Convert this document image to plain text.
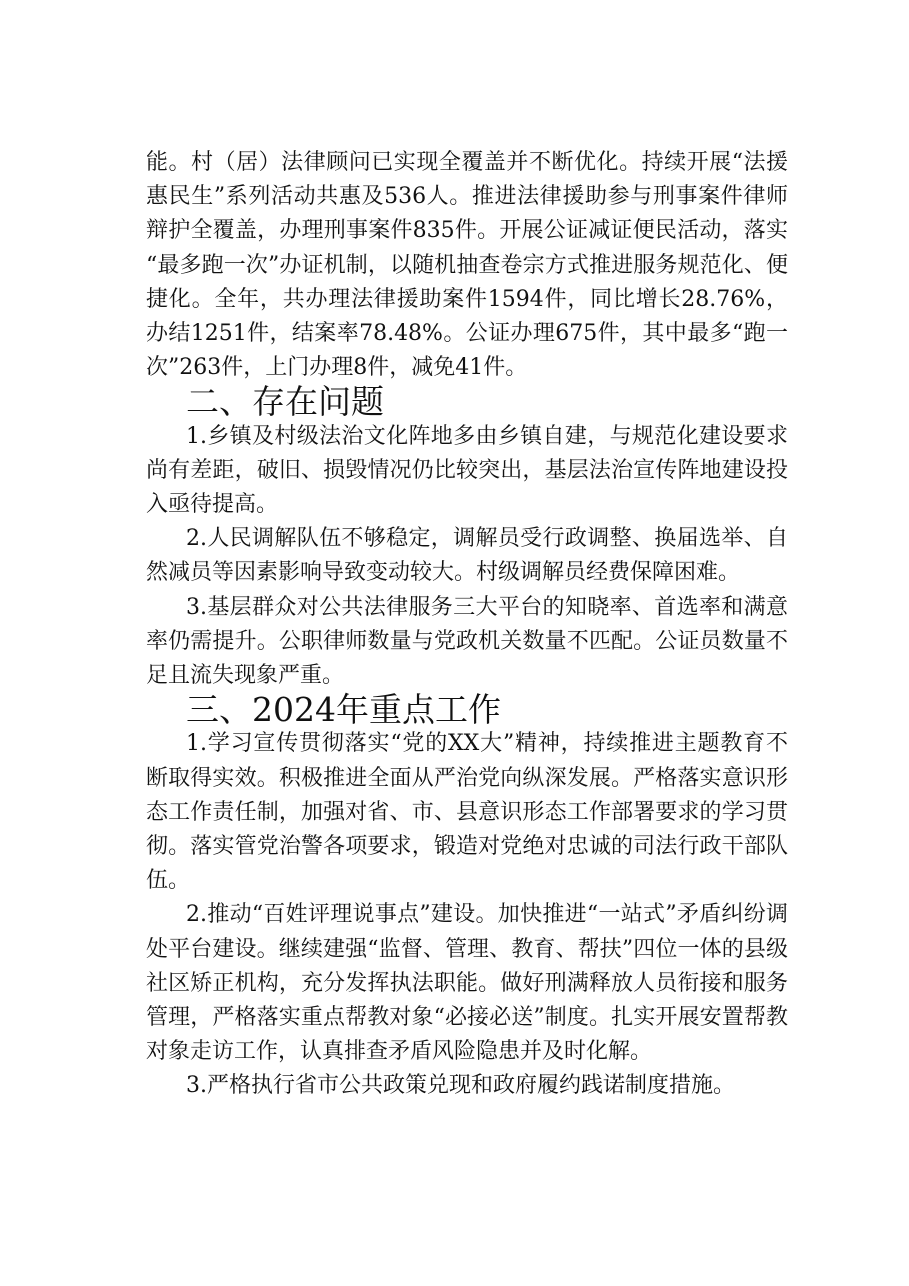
能。村（居）法律顾问已实现全覆盖并不断优化。持续开展“法援惠民生”系列活动共惠及536人。推进法律援助参与刑事案件律师辩护全覆盖，办理刑事案件835件。开展公证减证便民活动，落实“最多跑一次”办证机制，以随机抽查卷宗方式推进服务规范化、便捷化。全年，共办理法律援助案件1594件，同比增长28.76%，办结1251件，结案率78.48%。公证办理675件，其中最多“跑一次”263件，上门办理8件，减免41件。

二、存在问题

1.乡镇及村级法治文化阵地多由乡镇自建，与规范化建设要求尚有差距，破旧、损毁情况仍比较突出，基层法治宣传阵地建设投入亟待提高。

2.人民调解队伍不够稳定，调解员受行政调整、换届选举、自然减员等因素影响导致变动较大。村级调解员经费保障困难。

3.基层群众对公共法律服务三大平台的知晓率、首选率和满意率仍需提升。公职律师数量与党政机关数量不匹配。公证员数量不足且流失现象严重。

三、2024年重点工作

1.学习宣传贯彻落实“党的XX大”精神，持续推进主题教育不断取得实效。积极推进全面从严治党向纵深发展。严格落实意识形态工作责任制，加强对省、市、县意识形态工作部署要求的学习贯彻。落实管党治警各项要求，锻造对党绝对忠诚的司法行政干部队伍。

2.推动“百姓评理说事点”建设。加快推进“一站式”矛盾纠纷调处平台建设。继续建强“监督、管理、教育、帮扶”四位一体的县级社区矫正机构，充分发挥执法职能。做好刑满释放人员衔接和服务管理，严格落实重点帮教对象“必接必送”制度。扎实开展安置帮教对象走访工作，认真排查矛盾风险隐患并及时化解。

3.严格执行省市公共政策兑现和政府履约践诺制度措施。
